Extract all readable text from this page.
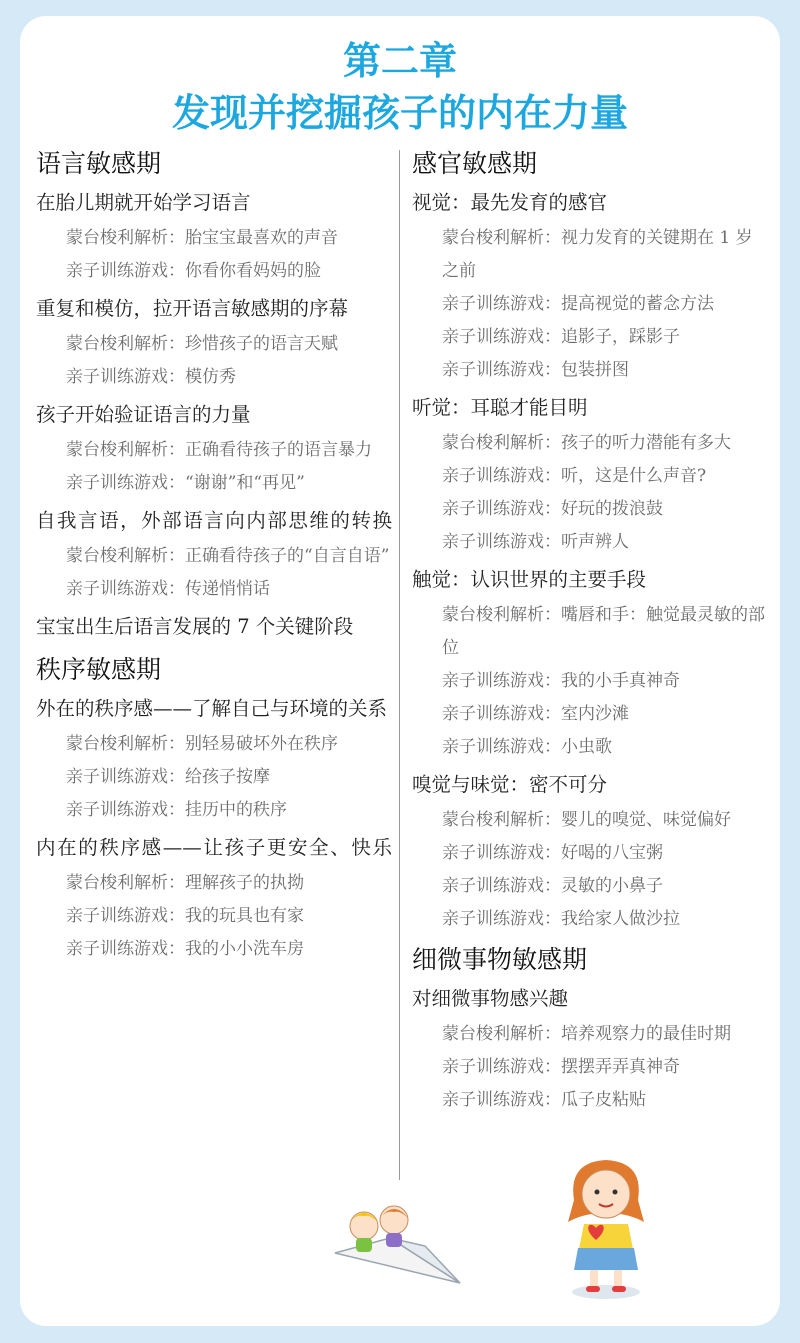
第二章
发现并挖掘孩子的内在力量
语言敏感期
在胎儿期就开始学习语言
蒙台梭利解析：胎宝宝最喜欢的声音
亲子训练游戏：你看你看妈妈的脸
重复和模仿，拉开语言敏感期的序幕
蒙台梭利解析：珍惜孩子的语言天赋
亲子训练游戏：模仿秀
孩子开始验证语言的力量
蒙台梭利解析：正确看待孩子的语言暴力
亲子训练游戏：“谢谢”和“再见”
自我言语，外部语言向内部思维的转换
蒙台梭利解析：正确看待孩子的“自言自语”
亲子训练游戏：传递悄悄话
宝宝出生后语言发展的 7 个关键阶段
秩序敏感期
外在的秩序感——了解自己与环境的关系
蒙台梭利解析：别轻易破坏外在秩序
亲子训练游戏：给孩子按摩
亲子训练游戏：挂历中的秩序
内在的秩序感——让孩子更安全、快乐
蒙台梭利解析：理解孩子的执拗
亲子训练游戏：我的玩具也有家
亲子训练游戏：我的小小洗车房
感官敏感期
视觉：最先发育的感官
蒙台梭利解析：视力发育的关键期在 1 岁之前
亲子训练游戏：提高视觉的蓄念方法
亲子训练游戏：追影子，踩影子
亲子训练游戏：包装拼图
听觉：耳聪才能目明
蒙台梭利解析：孩子的听力潜能有多大
亲子训练游戏：听，这是什么声音?
亲子训练游戏：好玩的拨浪鼓
亲子训练游戏：听声辨人
触觉：认识世界的主要手段
蒙台梭利解析：嘴唇和手：触觉最灵敏的部位
亲子训练游戏：我的小手真神奇
亲子训练游戏：室内沙滩
亲子训练游戏：小虫歌
嗅觉与味觉：密不可分
蒙台梭利解析：婴儿的嗅觉、味觉偏好
亲子训练游戏：好喝的八宝粥
亲子训练游戏：灵敏的小鼻子
亲子训练游戏：我给家人做沙拉
细微事物敏感期
对细微事物感兴趣
蒙台梭利解析：培养观察力的最佳时期
亲子训练游戏：摆摆弄弄真神奇
亲子训练游戏：瓜子皮粘贴
